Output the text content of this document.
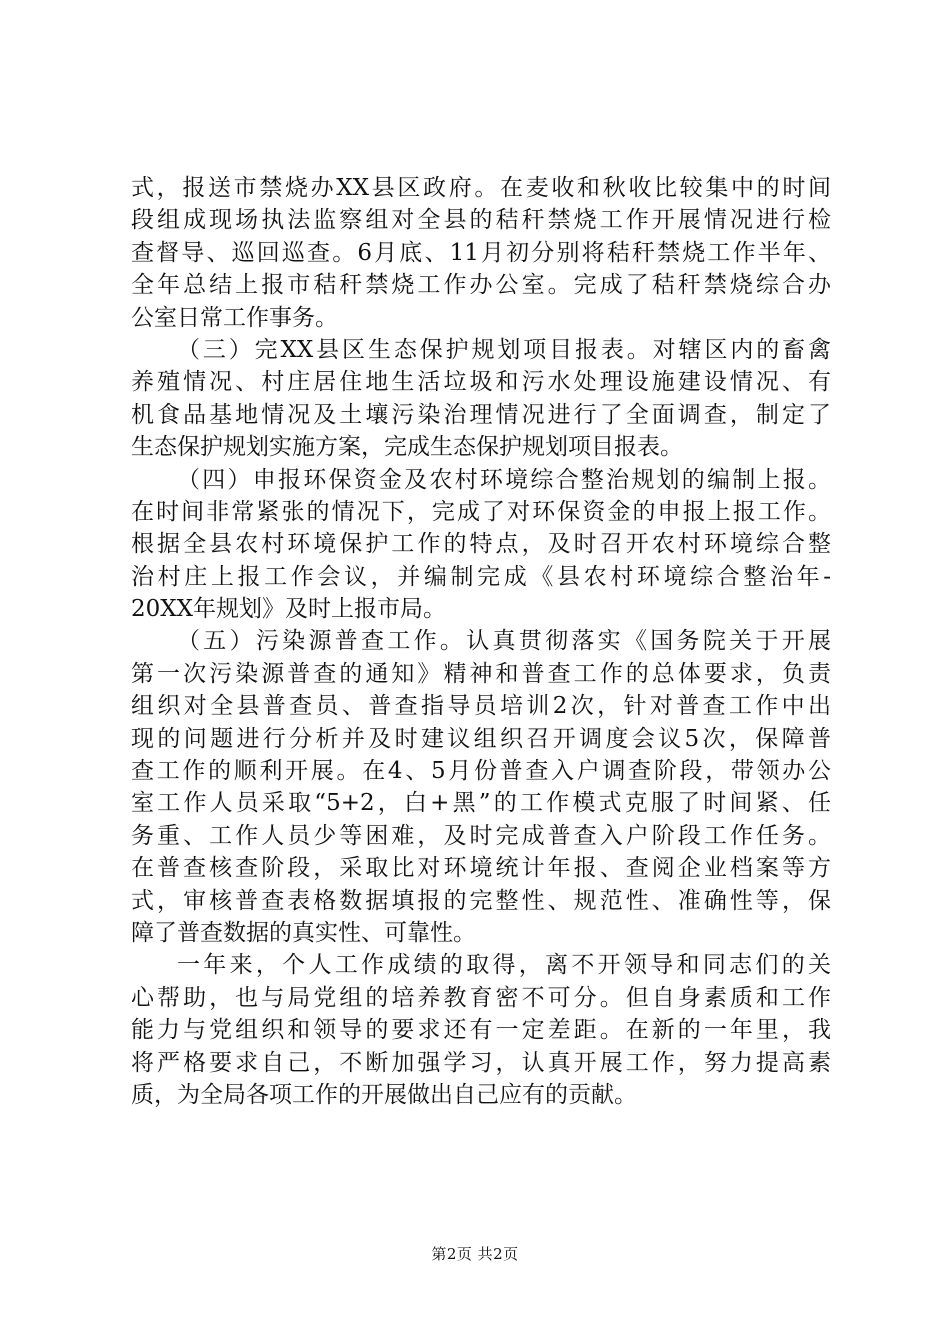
式，报送市禁烧办XX县区政府。在麦收和秋收比较集中的时间
段组成现场执法监察组对全县的秸秆禁烧工作开展情况进行检
查督导、巡回巡查。6月底、11月初分别将秸秆禁烧工作半年、
全年总结上报市秸秆禁烧工作办公室。完成了秸秆禁烧综合办
公室日常工作事务。
（三）完XX县区生态保护规划项目报表。对辖区内的畜禽
养殖情况、村庄居住地生活垃圾和污水处理设施建设情况、有
机食品基地情况及土壤污染治理情况进行了全面调查，制定了
生态保护规划实施方案，完成生态保护规划项目报表。
（四）申报环保资金及农村环境综合整治规划的编制上报。
在时间非常紧张的情况下，完成了对环保资金的申报上报工作。
根据全县农村环境保护工作的特点，及时召开农村环境综合整
治村庄上报工作会议，并编制完成《县农村环境综合整治年-
20XX年规划》及时上报市局。
（五）污染源普查工作。认真贯彻落实《国务院关于开展
第一次污染源普查的通知》精神和普查工作的总体要求，负责
组织对全县普查员、普查指导员培训2次，针对普查工作中出
现的问题进行分析并及时建议组织召开调度会议5次，保障普
查工作的顺利开展。在4、5月份普查入户调查阶段，带领办公
室工作人员采取“5+2，白+黑”的工作模式克服了时间紧、任
务重、工作人员少等困难，及时完成普查入户阶段工作任务。
在普查核查阶段，采取比对环境统计年报、查阅企业档案等方
式，审核普查表格数据填报的完整性、规范性、准确性等，保
障了普查数据的真实性、可靠性。
一年来，个人工作成绩的取得，离不开领导和同志们的关
心帮助，也与局党组的培养教育密不可分。但自身素质和工作
能力与党组织和领导的要求还有一定差距。在新的一年里，我
将严格要求自己，不断加强学习，认真开展工作，努力提高素
质，为全局各项工作的开展做出自己应有的贡献。
第2页 共2页
